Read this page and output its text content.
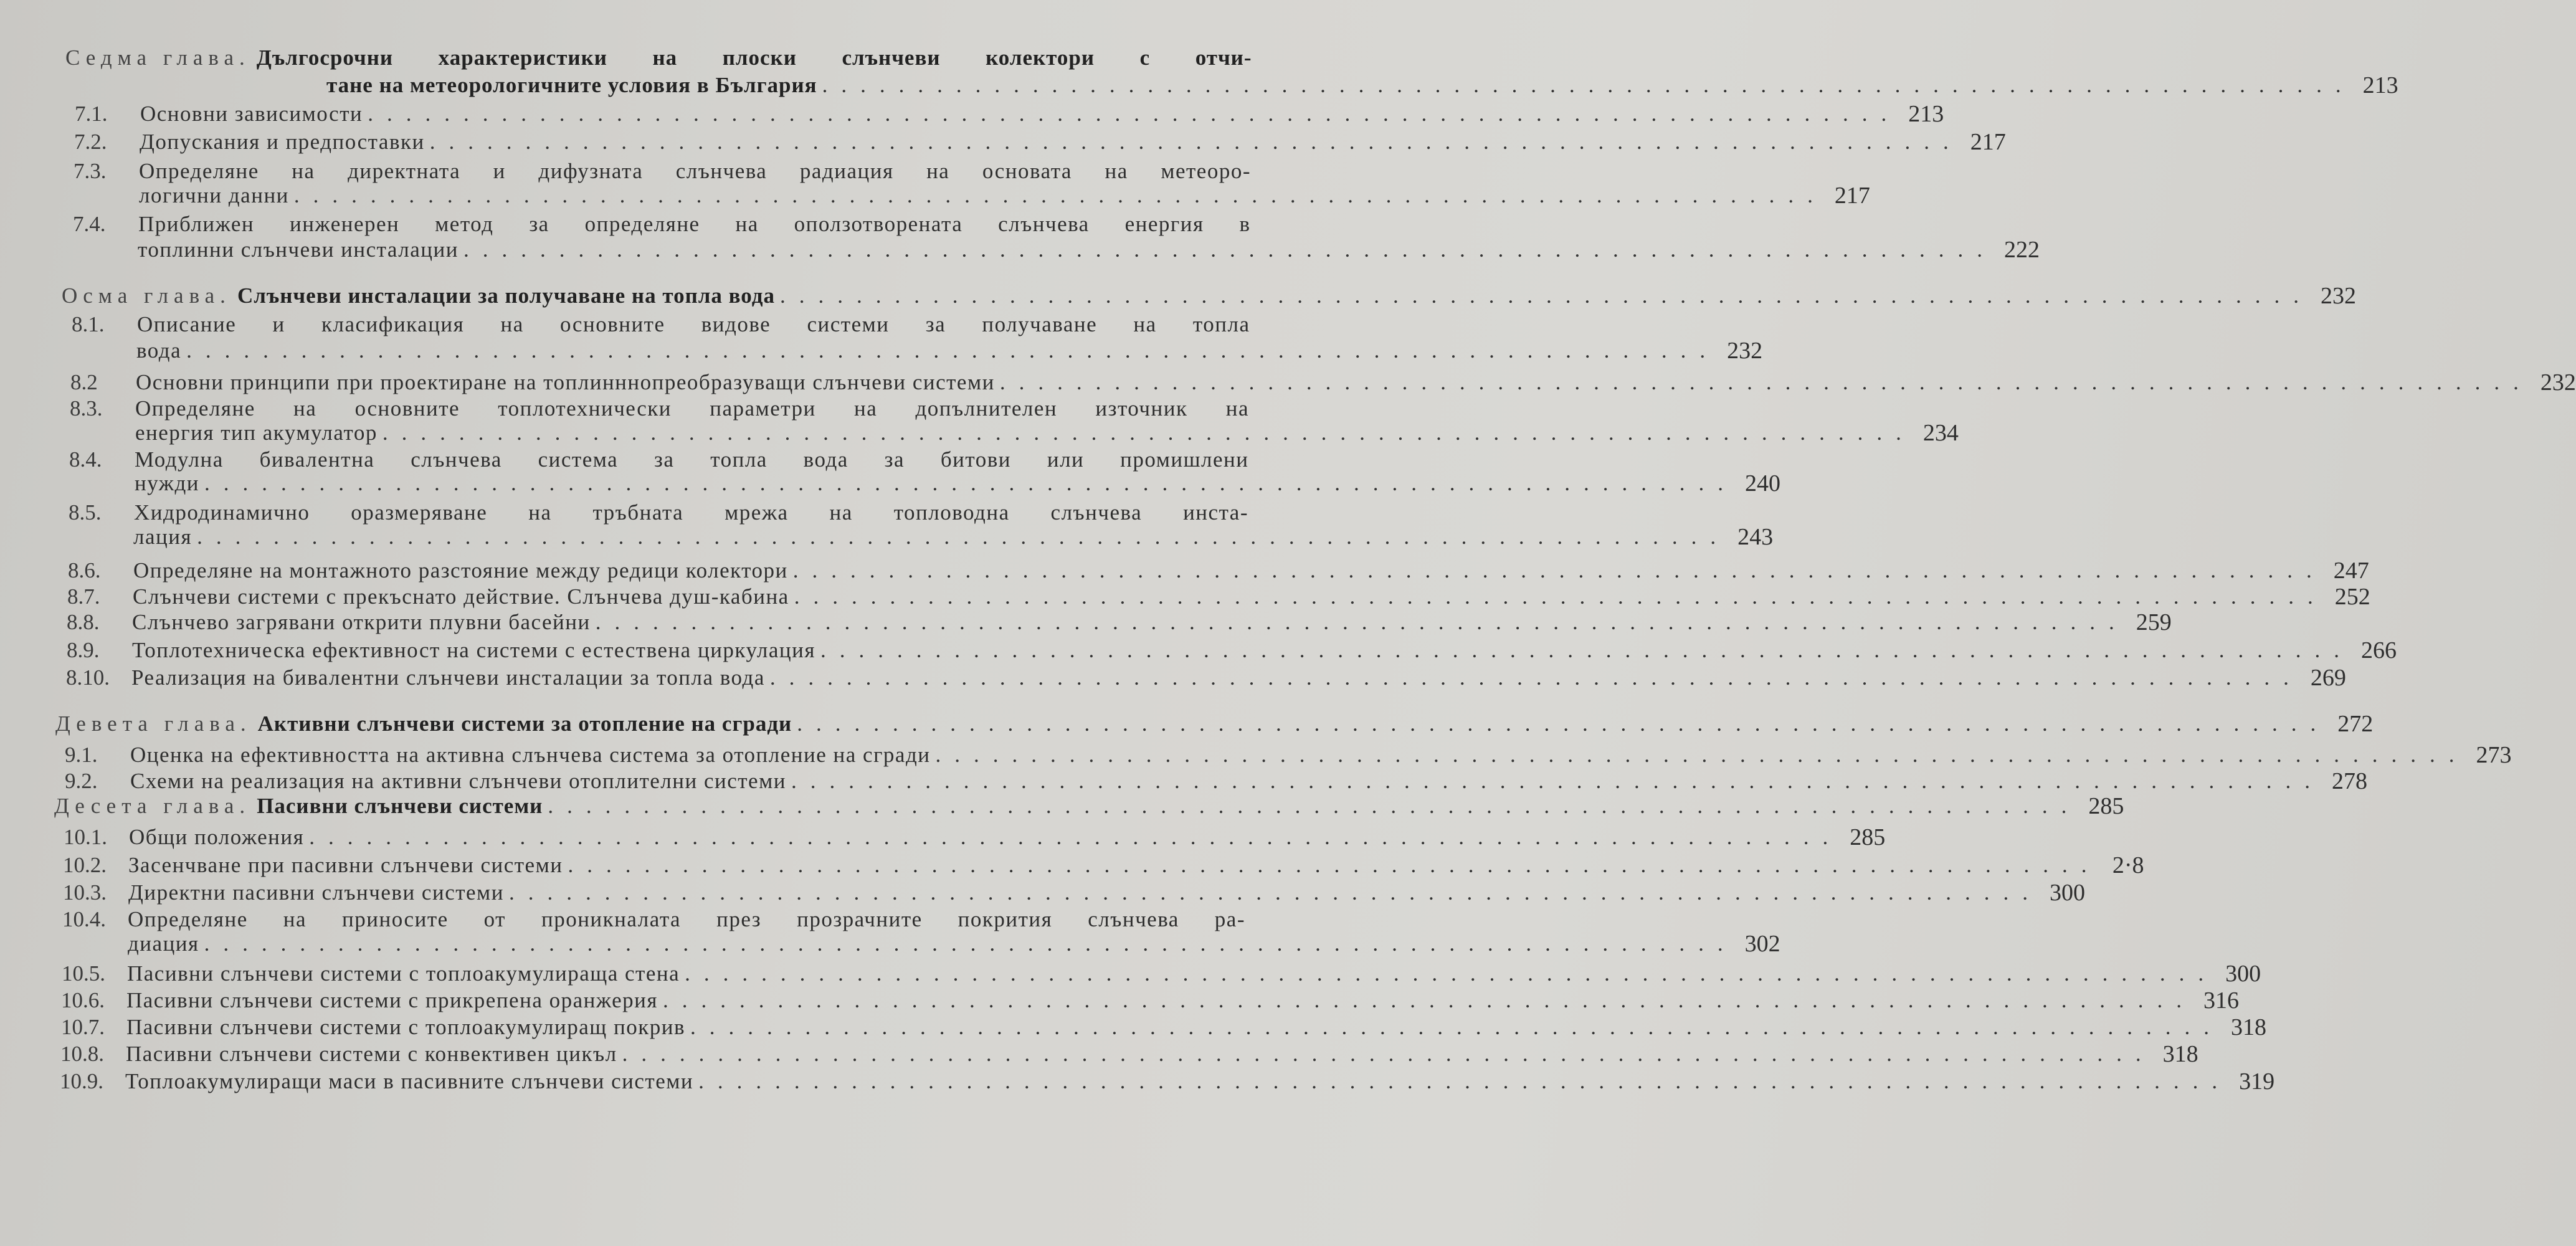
Седма глава. Дългосрочни характеристики на плоски слънчеви колектори с отчи-
тане на метеорологичните условия в България ................................................................................ 213
7.1.	Основни зависимости ................................................................................ 213
7.2.	Допускания и предпоставки ................................................................................ 217
7.3.	Определяне на директната и дифузната слънчева радиация на основата на метеоро-
логични данни ................................................................................ 217
7.4.	Приближен инженерен метод за определяне на оползотворената слънчева енергия в
топлинни слънчеви инсталации ................................................................................ 222
Осма глава. Слънчеви инсталации за получаване на топла вода ................................................................................ 232
8.1.	Описание и класификация на основните видове системи за получаване на топла
вода ................................................................................ 232
8.2	Основни принципи при проектиране на топлинннопреобразуващи слънчеви системи ................................................................................ 232
8.3.	Определяне на основните топлотехнически параметри на допълнителен източник на
енергия тип акумулатор ................................................................................ 234
8.4.	Модулна бивалентна слънчева система за топла вода за битови или промишлени
нужди ................................................................................ 240
8.5.	Хидродинамично оразмеряване на тръбната мрежа на топловодна слънчева инста-
лация ................................................................................ 243
8.6.	Определяне на монтажното разстояние между редици колектори ................................................................................ 247
8.7.	Слънчеви системи с прекъснато действие. Слънчева душ-кабина ................................................................................ 252
8.8.	Слънчево загрявани открити плувни басейни ................................................................................ 259
8.9.	Топлотехническа ефективност на системи с естествена циркулация ................................................................................ 266
8.10.	Реализация на бивалентни слънчеви инсталации за топла вода ................................................................................ 269
Девета глава. Активни слънчеви системи за отопление на сгради ................................................................................ 272
9.1.	Оценка на ефективността на активна слънчева система за отопление на сгради ................................................................................ 273
9.2.	Схеми на реализация на активни слънчеви отоплителни системи ................................................................................ 278
Десета глава. Пасивни слънчеви системи ................................................................................ 285
10.1.	Общи положения ................................................................................ 285
10.2.	Засенчване при пасивни слънчеви системи ................................................................................ 2·8
10.3.	Директни пасивни слънчеви системи ................................................................................ 300
10.4.	Определяне на приносите от проникналата през прозрачните покрития слънчева ра-
диация ................................................................................ 302
10.5.	Пасивни слънчеви системи с топлоакумулираща стена ................................................................................ 300
10.6.	Пасивни слънчеви системи с прикрепена оранжерия ................................................................................ 316
10.7.	Пасивни слънчеви системи с топлоакумулиращ покрив ................................................................................ 318
10.8.	Пасивни слънчеви системи с конвективен цикъл ................................................................................ 318
10.9.	Топлоакумулиращи маси в пасивните слънчеви системи ................................................................................ 319
